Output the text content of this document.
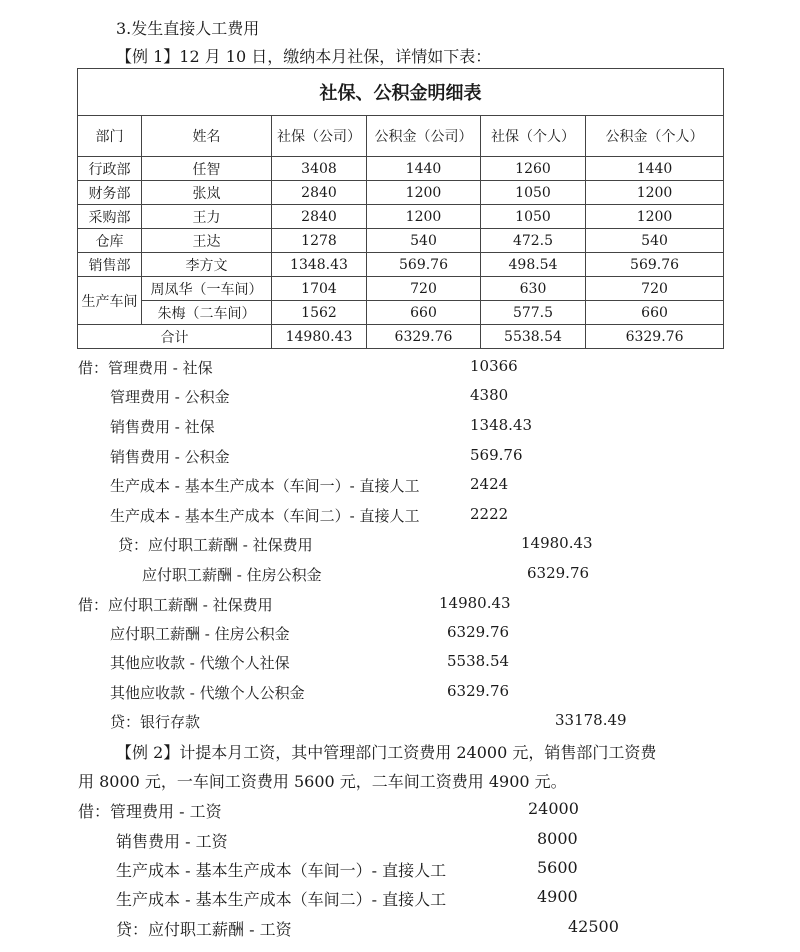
3.发生直接人工费用
【例 1】12 月 10 日，缴纳本月社保，详情如下表：
社保、公积金明细表					
部门	姓名	社保（公司）	公积金（公司）	社保（个人）	公积金（个人）
行政部	任智	3408	1440	1260	1440
财务部	张岚	2840	1200	1050	1200
采购部	王力	2840	1200	1050	1200
仓库	王达	1278	540	472.5	540
销售部	李方文	1348.43	569.76	498.54	569.76
生产车间	周凤华（一车间）	1704	720	630	720
	朱梅（二车间）	1562	660	577.5	660
合计		14980.43	6329.76	5538.54	6329.76
借：管理费用 - 社保	10366
管理费用 - 公积金	4380
销售费用 - 社保	1348.43
销售费用 - 公积金	569.76
生产成本 - 基本生产成本（车间一）- 直接人工	2424
生产成本 - 基本生产成本（车间二）- 直接人工	2222
贷：应付职工薪酬 - 社保费用	14980.43
应付职工薪酬 - 住房公积金	6329.76
借：应付职工薪酬 - 社保费用	14980.43
应付职工薪酬 - 住房公积金	6329.76
其他应收款 - 代缴个人社保	5538.54
其他应收款 - 代缴个人公积金	6329.76
贷：银行存款	33178.49
【例 2】计提本月工资，其中管理部门工资费用 24000 元，销售部门工资费
用 8000 元，一车间工资费用 5600 元，二车间工资费用 4900 元。
借：管理费用 - 工资	24000
销售费用 - 工资	8000
生产成本 - 基本生产成本（车间一）- 直接人工	5600
生产成本 - 基本生产成本（车间二）- 直接人工	4900
贷：应付职工薪酬 - 工资	42500
